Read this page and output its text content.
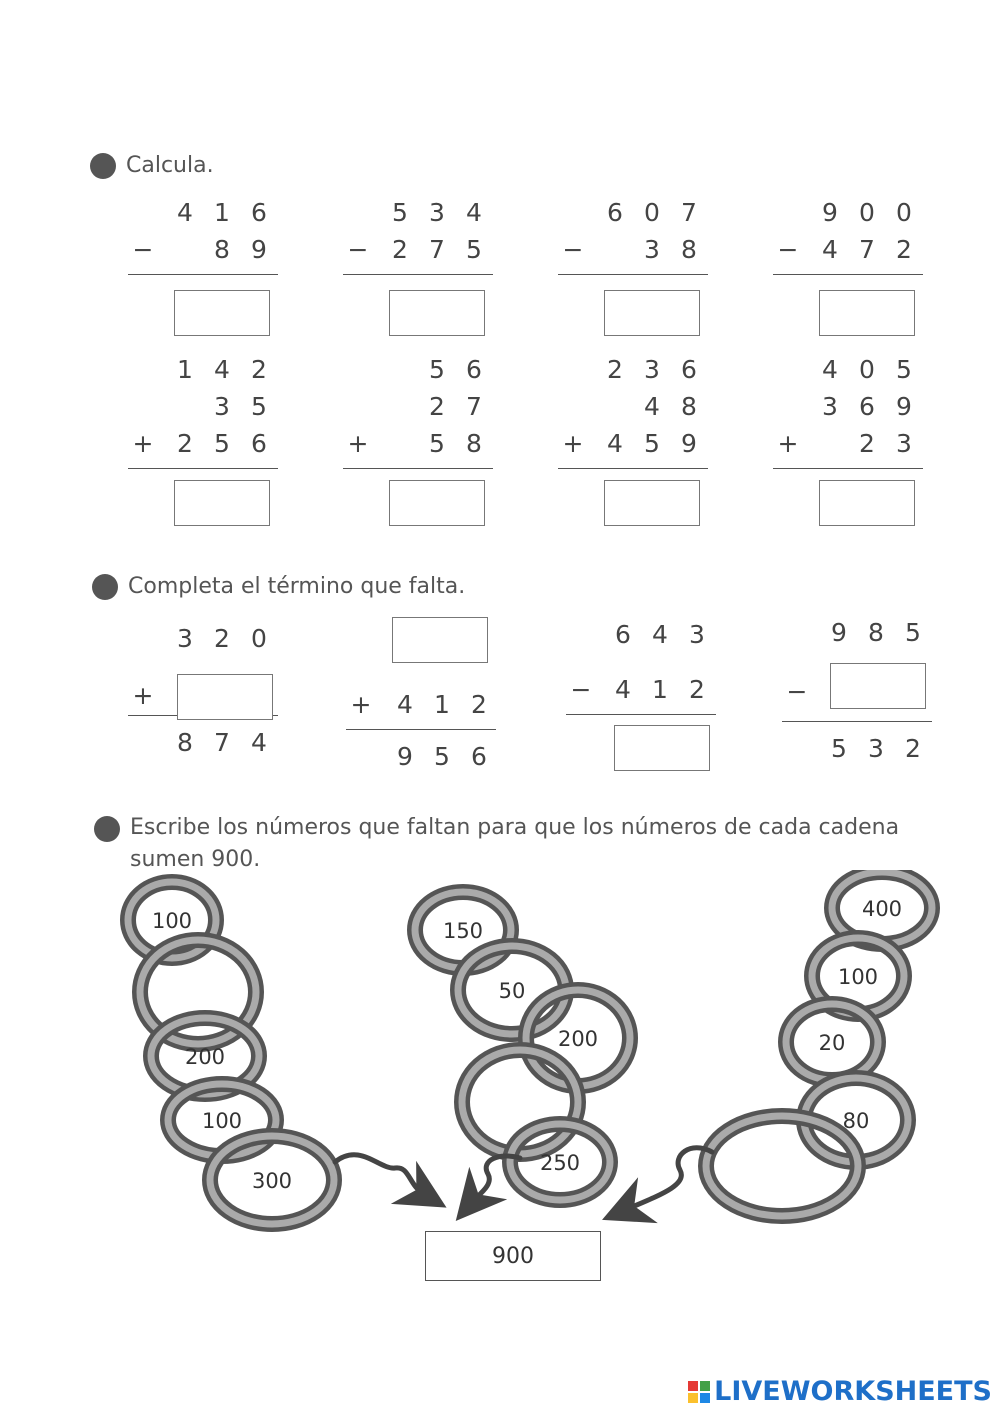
Calcula.
Completa el término que falta.
Escribe los números que faltan para que los números de cada cadena sumen 900.
4 1 6
−	8 9
5 3 4
− 2 7 5
6 0 7
−	3 8
9 0 0
− 4 7 2
1 4 2
3 5
+ 2 5 6
5 6
2 7
+	5 8
2 3 6
4 8
+ 4 5 9
4 0 5
3 6 9
+	2 3
3 2 0
+
8 7 4
+	4 1 2
9 5 6
6 4 3
− 4 1 2
9 8 5
−
5 3 2
100
200
100
300
150
50
200
250
400
100
20
80
900
LIVEWORKSHEETS
